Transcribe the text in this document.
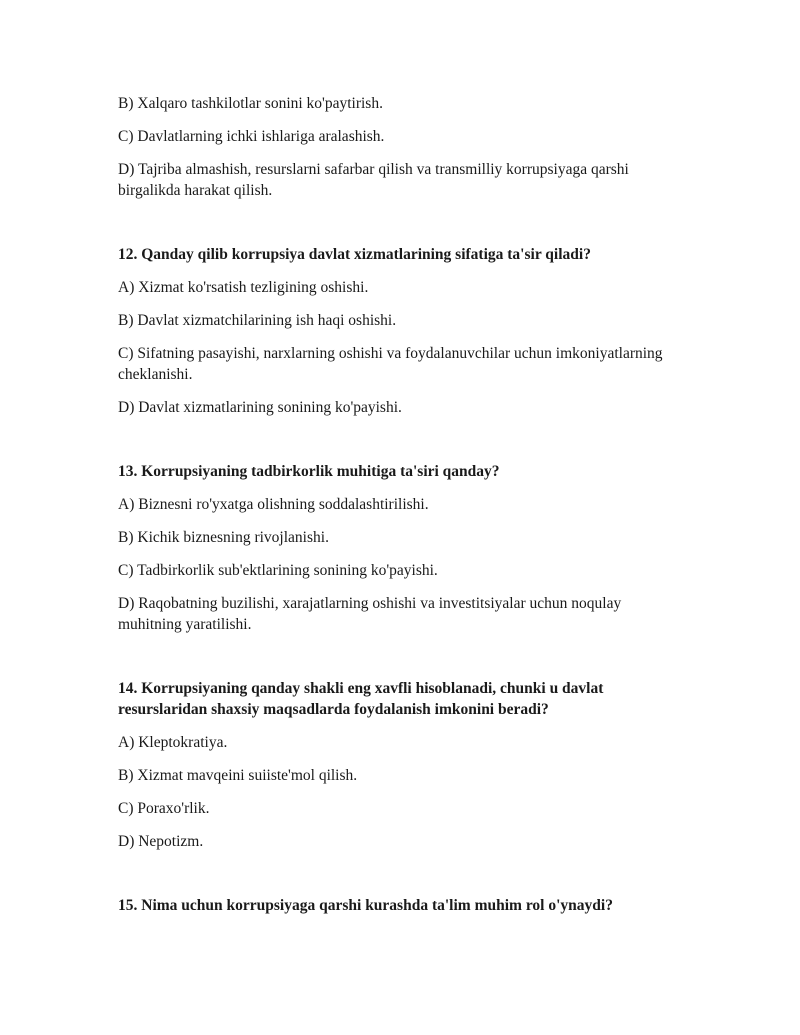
B) Xalqaro tashkilotlar sonini ko'paytirish.

C) Davlatlarning ichki ishlariga aralashish.

D) Tajriba almashish, resurslarni safarbar qilish va transmilliy korrupsiyaga qarshi birgalikda harakat qilish.

12. Qanday qilib korrupsiya davlat xizmatlarining sifatiga ta'sir qiladi?

A) Xizmat ko'rsatish tezligining oshishi.

B) Davlat xizmatchilarining ish haqi oshishi.

C) Sifatning pasayishi, narxlarning oshishi va foydalanuvchilar uchun imkoniyatlarning cheklanishi.

D) Davlat xizmatlarining sonining ko'payishi.

13. Korrupsiyaning tadbirkorlik muhitiga ta'siri qanday?

A) Biznesni ro'yxatga olishning soddalashtirilishi.

B) Kichik biznesning rivojlanishi.

C) Tadbirkorlik sub'ektlarining sonining ko'payishi.

D) Raqobatning buzilishi, xarajatlarning oshishi va investitsiyalar uchun noqulay muhitning yaratilishi.

14. Korrupsiyaning qanday shakli eng xavfli hisoblanadi, chunki u davlat resurslaridan shaxsiy maqsadlarda foydalanish imkonini beradi?

A) Kleptokratiya.

B) Xizmat mavqeini suiiste'mol qilish.

C) Poraxo'rlik.

D) Nepotizm.

15. Nima uchun korrupsiyaga qarshi kurashda ta'lim muhim rol o'ynaydi?
